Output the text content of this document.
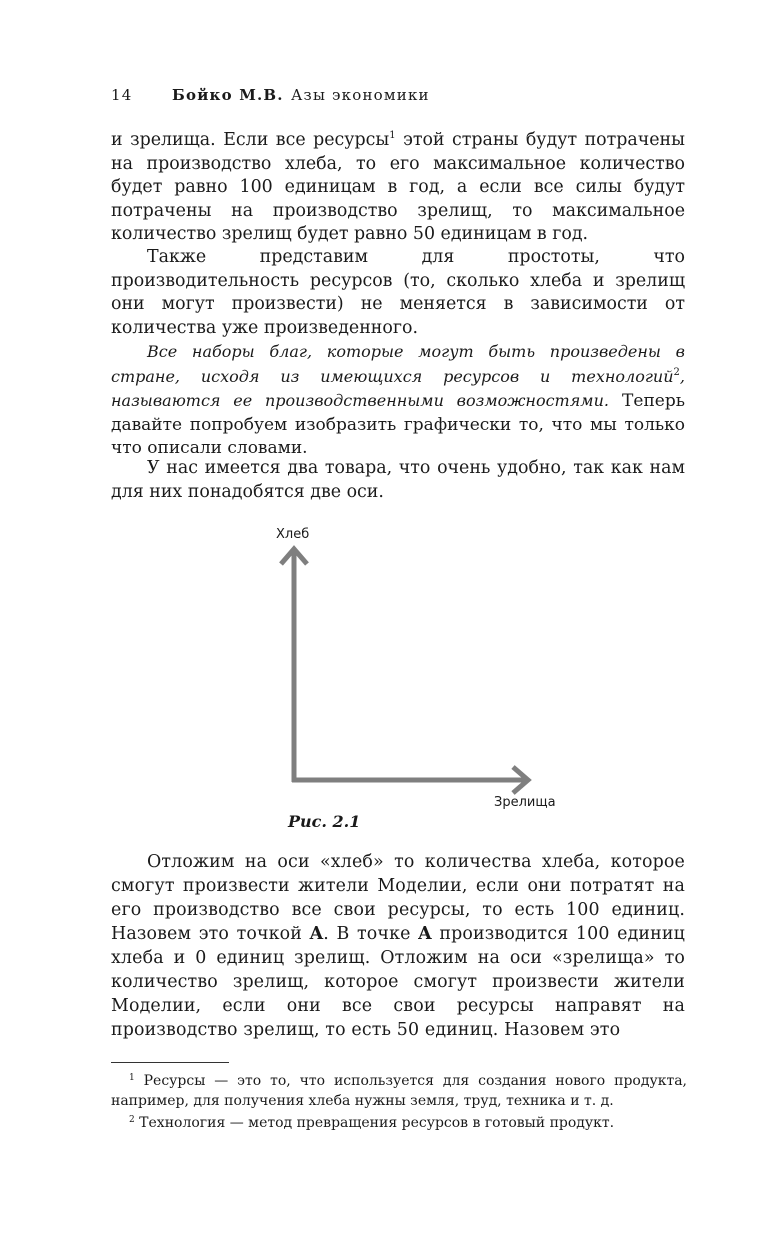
14	Бойко М.В. Азы экономики

и зрелища. Если все ресурсы$^1$ этой страны будут потрачены на производство хлеба, то его максимальное количество будет равно 100 единицам в год, а если все силы будут потрачены на производство зрелищ, то максимальное количество зрелищ будет равно 50 единицам в год.

Также представим для простоты, что производительность ресурсов (то, сколько хлеба и зрелищ они могут произвести) не меняется в зависимости от количества уже произведенного.

Все наборы благ, которые могут быть произведены в стране, исходя из имеющихся ресурсов и технологий$^2$, называются ее производственными возможностями. Теперь давайте попробуем изобразить графически то, что мы только что описали словами.

У нас имеется два товара, что очень удобно, так как нам для них понадобятся две оси.

Хлеб
Зрелища
Рис. 2.1

Отложим на оси «хлеб» то количества хлеба, которое смогут произвести жители Моделии, если они потратят на его производство все свои ресурсы, то есть 100 единиц. Назовем это точкой A. В точке A производится 100 единиц хлеба и 0 единиц зрелищ. Отложим на оси «зрелища» то количество зрелищ, которое смогут произвести жители Моделии, если они все свои ресурсы направят на производство зрелищ, то есть 50 единиц. Назовем это

$^1$ Ресурсы — это то, что используется для создания нового продукта, например, для получения хлеба нужны земля, труд, техника и т. д.

$^2$ Технология — метод превращения ресурсов в готовый продукт.
